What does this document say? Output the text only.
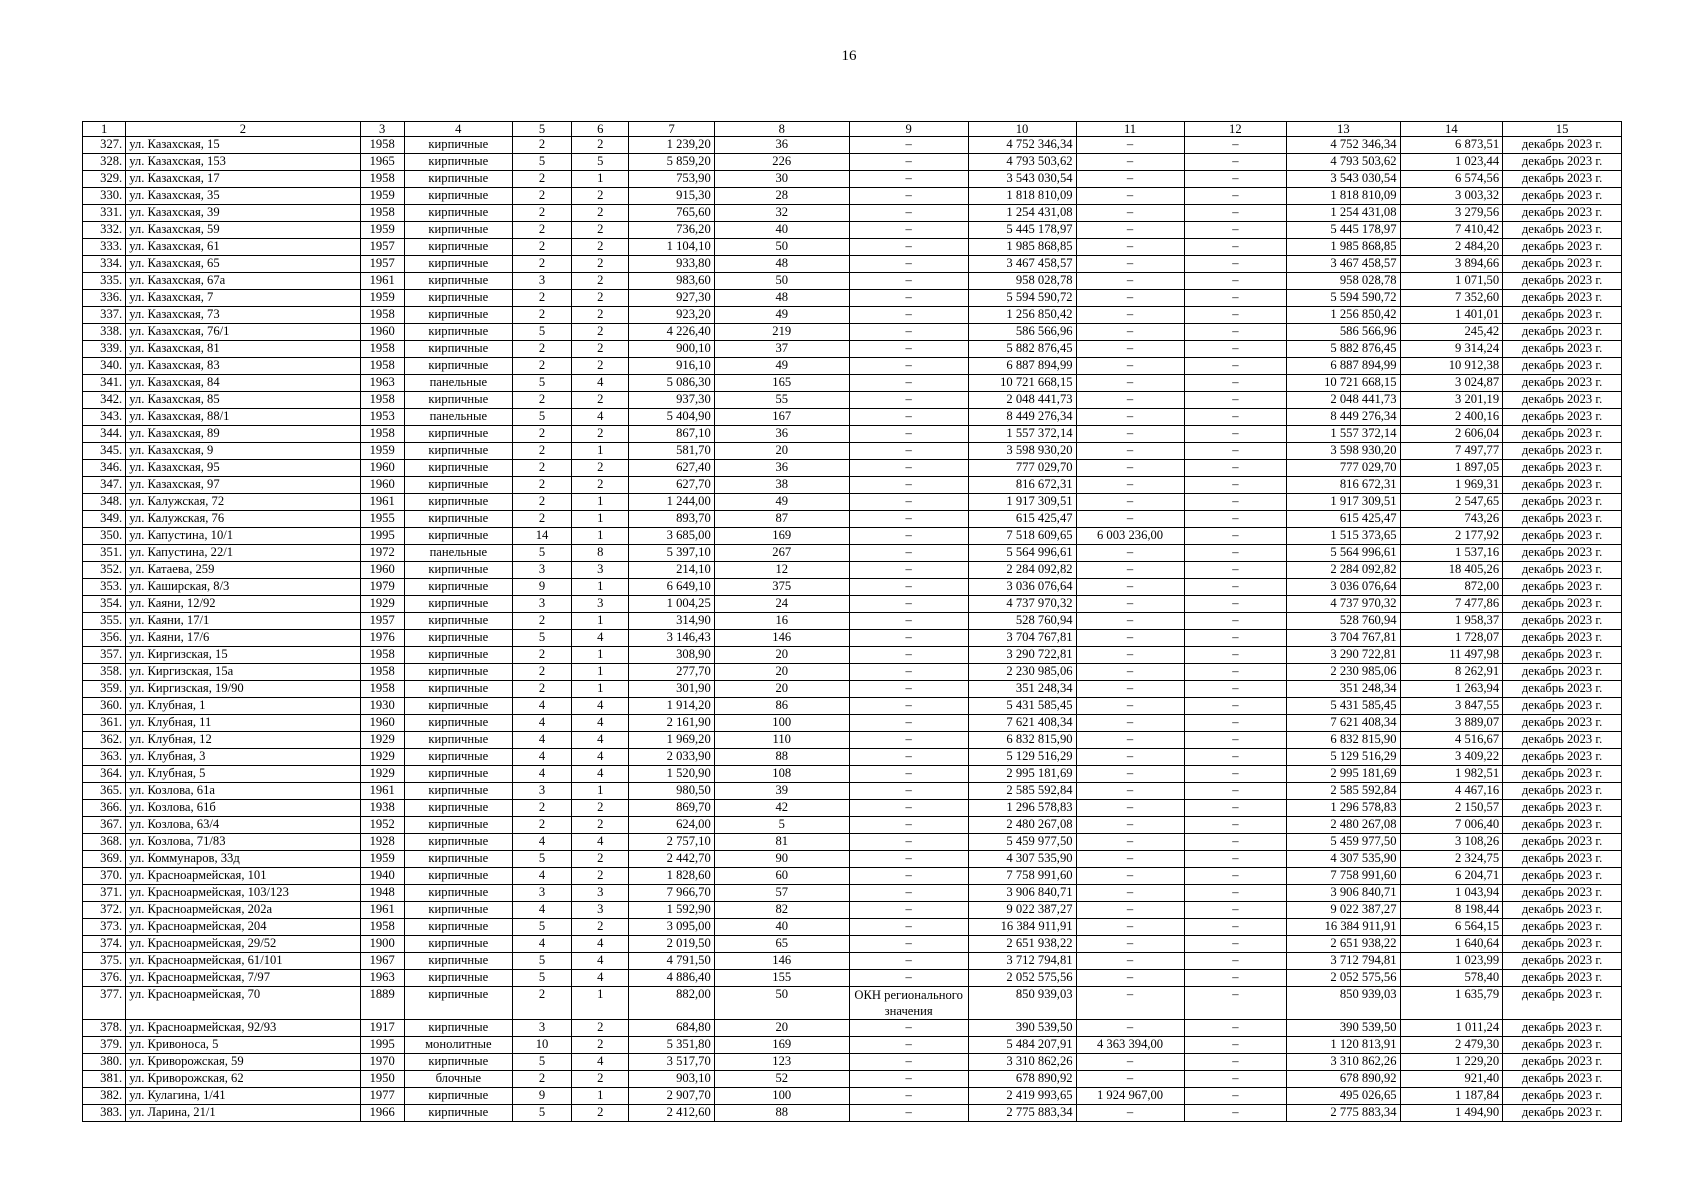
16
1	2	3	4	5	6	7	8	9	10	11	12	13	14	15
327.	ул. Казахская, 15	1958	кирпичные	2	2	1 239,20	36	–	4 752 346,34	–	–	4 752 346,34	6 873,51	декабрь 2023 г.
328.	ул. Казахская, 153	1965	кирпичные	5	5	5 859,20	226	–	4 793 503,62	–	–	4 793 503,62	1 023,44	декабрь 2023 г.
329.	ул. Казахская, 17	1958	кирпичные	2	1	753,90	30	–	3 543 030,54	–	–	3 543 030,54	6 574,56	декабрь 2023 г.
330.	ул. Казахская, 35	1959	кирпичные	2	2	915,30	28	–	1 818 810,09	–	–	1 818 810,09	3 003,32	декабрь 2023 г.
331.	ул. Казахская, 39	1958	кирпичные	2	2	765,60	32	–	1 254 431,08	–	–	1 254 431,08	3 279,56	декабрь 2023 г.
332.	ул. Казахская, 59	1959	кирпичные	2	2	736,20	40	–	5 445 178,97	–	–	5 445 178,97	7 410,42	декабрь 2023 г.
333.	ул. Казахская, 61	1957	кирпичные	2	2	1 104,10	50	–	1 985 868,85	–	–	1 985 868,85	2 484,20	декабрь 2023 г.
334.	ул. Казахская, 65	1957	кирпичные	2	2	933,80	48	–	3 467 458,57	–	–	3 467 458,57	3 894,66	декабрь 2023 г.
335.	ул. Казахская, 67а	1961	кирпичные	3	2	983,60	50	–	958 028,78	–	–	958 028,78	1 071,50	декабрь 2023 г.
336.	ул. Казахская, 7	1959	кирпичные	2	2	927,30	48	–	5 594 590,72	–	–	5 594 590,72	7 352,60	декабрь 2023 г.
337.	ул. Казахская, 73	1958	кирпичные	2	2	923,20	49	–	1 256 850,42	–	–	1 256 850,42	1 401,01	декабрь 2023 г.
338.	ул. Казахская, 76/1	1960	кирпичные	5	2	4 226,40	219	–	586 566,96	–	–	586 566,96	245,42	декабрь 2023 г.
339.	ул. Казахская, 81	1958	кирпичные	2	2	900,10	37	–	5 882 876,45	–	–	5 882 876,45	9 314,24	декабрь 2023 г.
340.	ул. Казахская, 83	1958	кирпичные	2	2	916,10	49	–	6 887 894,99	–	–	6 887 894,99	10 912,38	декабрь 2023 г.
341.	ул. Казахская, 84	1963	панельные	5	4	5 086,30	165	–	10 721 668,15	–	–	10 721 668,15	3 024,87	декабрь 2023 г.
342.	ул. Казахская, 85	1958	кирпичные	2	2	937,30	55	–	2 048 441,73	–	–	2 048 441,73	3 201,19	декабрь 2023 г.
343.	ул. Казахская, 88/1	1953	панельные	5	4	5 404,90	167	–	8 449 276,34	–	–	8 449 276,34	2 400,16	декабрь 2023 г.
344.	ул. Казахская, 89	1958	кирпичные	2	2	867,10	36	–	1 557 372,14	–	–	1 557 372,14	2 606,04	декабрь 2023 г.
345.	ул. Казахская, 9	1959	кирпичные	2	1	581,70	20	–	3 598 930,20	–	–	3 598 930,20	7 497,77	декабрь 2023 г.
346.	ул. Казахская, 95	1960	кирпичные	2	2	627,40	36	–	777 029,70	–	–	777 029,70	1 897,05	декабрь 2023 г.
347.	ул. Казахская, 97	1960	кирпичные	2	2	627,70	38	–	816 672,31	–	–	816 672,31	1 969,31	декабрь 2023 г.
348.	ул. Калужская, 72	1961	кирпичные	2	1	1 244,00	49	–	1 917 309,51	–	–	1 917 309,51	2 547,65	декабрь 2023 г.
349.	ул. Калужская, 76	1955	кирпичные	2	1	893,70	87	–	615 425,47	–	–	615 425,47	743,26	декабрь 2023 г.
350.	ул. Капустина, 10/1	1995	кирпичные	14	1	3 685,00	169	–	7 518 609,65	6 003 236,00	–	1 515 373,65	2 177,92	декабрь 2023 г.
351.	ул. Капустина, 22/1	1972	панельные	5	8	5 397,10	267	–	5 564 996,61	–	–	5 564 996,61	1 537,16	декабрь 2023 г.
352.	ул. Катаева, 259	1960	кирпичные	3	3	214,10	12	–	2 284 092,82	–	–	2 284 092,82	18 405,26	декабрь 2023 г.
353.	ул. Каширская, 8/3	1979	кирпичные	9	1	6 649,10	375	–	3 036 076,64	–	–	3 036 076,64	872,00	декабрь 2023 г.
354.	ул. Каяни, 12/92	1929	кирпичные	3	3	1 004,25	24	–	4 737 970,32	–	–	4 737 970,32	7 477,86	декабрь 2023 г.
355.	ул. Каяни, 17/1	1957	кирпичные	2	1	314,90	16	–	528 760,94	–	–	528 760,94	1 958,37	декабрь 2023 г.
356.	ул. Каяни, 17/6	1976	кирпичные	5	4	3 146,43	146	–	3 704 767,81	–	–	3 704 767,81	1 728,07	декабрь 2023 г.
357.	ул. Киргизская, 15	1958	кирпичные	2	1	308,90	20	–	3 290 722,81	–	–	3 290 722,81	11 497,98	декабрь 2023 г.
358.	ул. Киргизская, 15а	1958	кирпичные	2	1	277,70	20	–	2 230 985,06	–	–	2 230 985,06	8 262,91	декабрь 2023 г.
359.	ул. Киргизская, 19/90	1958	кирпичные	2	1	301,90	20	–	351 248,34	–	–	351 248,34	1 263,94	декабрь 2023 г.
360.	ул. Клубная, 1	1930	кирпичные	4	4	1 914,20	86	–	5 431 585,45	–	–	5 431 585,45	3 847,55	декабрь 2023 г.
361.	ул. Клубная, 11	1960	кирпичные	4	4	2 161,90	100	–	7 621 408,34	–	–	7 621 408,34	3 889,07	декабрь 2023 г.
362.	ул. Клубная, 12	1929	кирпичные	4	4	1 969,20	110	–	6 832 815,90	–	–	6 832 815,90	4 516,67	декабрь 2023 г.
363.	ул. Клубная, 3	1929	кирпичные	4	4	2 033,90	88	–	5 129 516,29	–	–	5 129 516,29	3 409,22	декабрь 2023 г.
364.	ул. Клубная, 5	1929	кирпичные	4	4	1 520,90	108	–	2 995 181,69	–	–	2 995 181,69	1 982,51	декабрь 2023 г.
365.	ул. Козлова, 61а	1961	кирпичные	3	1	980,50	39	–	2 585 592,84	–	–	2 585 592,84	4 467,16	декабрь 2023 г.
366.	ул. Козлова, 61б	1938	кирпичные	2	2	869,70	42	–	1 296 578,83	–	–	1 296 578,83	2 150,57	декабрь 2023 г.
367.	ул. Козлова, 63/4	1952	кирпичные	2	2	624,00	5	–	2 480 267,08	–	–	2 480 267,08	7 006,40	декабрь 2023 г.
368.	ул. Козлова, 71/83	1928	кирпичные	4	4	2 757,10	81	–	5 459 977,50	–	–	5 459 977,50	3 108,26	декабрь 2023 г.
369.	ул. Коммунаров, 33д	1959	кирпичные	5	2	2 442,70	90	–	4 307 535,90	–	–	4 307 535,90	2 324,75	декабрь 2023 г.
370.	ул. Красноармейская, 101	1940	кирпичные	4	2	1 828,60	60	–	7 758 991,60	–	–	7 758 991,60	6 204,71	декабрь 2023 г.
371.	ул. Красноармейская, 103/123	1948	кирпичные	3	3	7 966,70	57	–	3 906 840,71	–	–	3 906 840,71	1 043,94	декабрь 2023 г.
372.	ул. Красноармейская, 202а	1961	кирпичные	4	3	1 592,90	82	–	9 022 387,27	–	–	9 022 387,27	8 198,44	декабрь 2023 г.
373.	ул. Красноармейская, 204	1958	кирпичные	5	2	3 095,00	40	–	16 384 911,91	–	–	16 384 911,91	6 564,15	декабрь 2023 г.
374.	ул. Красноармейская, 29/52	1900	кирпичные	4	4	2 019,50	65	–	2 651 938,22	–	–	2 651 938,22	1 640,64	декабрь 2023 г.
375.	ул. Красноармейская, 61/101	1967	кирпичные	5	4	4 791,50	146	–	3 712 794,81	–	–	3 712 794,81	1 023,99	декабрь 2023 г.
376.	ул. Красноармейская, 7/97	1963	кирпичные	5	4	4 886,40	155	–	2 052 575,56	–	–	2 052 575,56	578,40	декабрь 2023 г.
377.	ул. Красноармейская, 70	1889	кирпичные	2	1	882,00	50	ОКН регионального значения	850 939,03	–	–	850 939,03	1 635,79	декабрь 2023 г.
378.	ул. Красноармейская, 92/93	1917	кирпичные	3	2	684,80	20	–	390 539,50	–	–	390 539,50	1 011,24	декабрь 2023 г.
379.	ул. Кривоноса, 5	1995	монолитные	10	2	5 351,80	169	–	5 484 207,91	4 363 394,00	–	1 120 813,91	2 479,30	декабрь 2023 г.
380.	ул. Криворожская, 59	1970	кирпичные	5	4	3 517,70	123	–	3 310 862,26	–	–	3 310 862,26	1 229,20	декабрь 2023 г.
381.	ул. Криворожская, 62	1950	блочные	2	2	903,10	52	–	678 890,92	–	–	678 890,92	921,40	декабрь 2023 г.
382.	ул. Кулагина, 1/41	1977	кирпичные	9	1	2 907,70	100	–	2 419 993,65	1 924 967,00	–	495 026,65	1 187,84	декабрь 2023 г.
383.	ул. Ларина, 21/1	1966	кирпичные	5	2	2 412,60	88	–	2 775 883,34	–	–	2 775 883,34	1 494,90	декабрь 2023 г.
